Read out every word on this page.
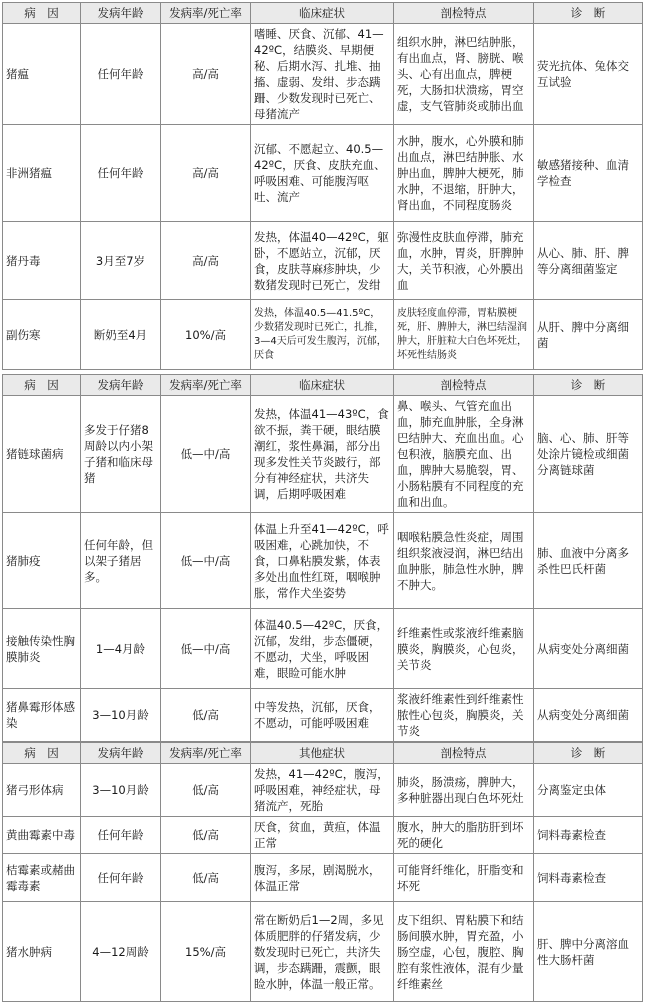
病　因	发病年龄	发病率/死亡率	临床症状	剖检特点	诊　断
猪瘟	任何年龄	高/高	嗜睡、厌食、沉郁、41—42ºC，结膜炎、早期便秘、后期水泻、扎堆、抽搐、虚弱、发绀、步态蹒跚、少数发现时已死亡、母猪流产	组织水肿，淋巴结肿胀，有出血点，肾、膀胱、喉头、心有出血点，脾梗死，大肠扣状溃疡，胃空虚，支气管肺炎或肺出血	荧光抗体、兔体交互试验
非洲猪瘟	任何年龄	高/高	沉郁、不愿起立、40.5—42ºC，厌食、皮肤充血、呼吸困难、可能腹泻呕吐、流产	水肿，腹水，心外膜和肺出血点，淋巴结肿胀、水肿出血，脾肿大梗死，肺水肿，不退缩，肝肿大，肾出血，不同程度肠炎	敏感猪接种、血清学检查
猪丹毒	3月至7岁	高/高	发热，体温40—42ºC，躯卧，不愿站立，沉郁，厌食，皮肤荨麻疹肿块，少数猪发现时已死亡，发绀	弥漫性皮肤血停滞，肺充血，水肿，胃炎，肝脾肿大，关节积液，心外膜出血	从心、肺、肝、脾等分离细菌鉴定
副伤寒	断奶至4月	10%/高	发热，体温40.5—41.5ºC，少数猪发现时已死亡，扎推，3—4天后可发生腹泻，沉郁，厌食	皮肤轻度血停滞，胃粘膜梗死，肝、脾肿大，淋巴结湿润肿大，肝脏粒大白色坏死灶，坏死性结肠炎	从肝、脾中分离细菌
病　因	发病年龄	发病率/死亡率	临床症状	剖检特点	诊　断
猪链球菌病	多发于仔猪8周龄以内小架子猪和临床母猪	低—中/高	发热，体温41—43ºC，食欲不振，粪干硬，眼结膜潮红，浆性鼻漏，部分出现多发性关节炎跛行，部分有神经症状，共济失调，后期呼吸困难	鼻、喉头、气管充血出血，肺充血肿胀，全身淋巴结肿大、充血出血。心包积液，脑膜充血、出血，脾肿大易脆裂，胃、小肠粘膜有不同程度的充血和出血。	脑、心、肺、肝等处涂片镜检或细菌分离链球菌
猪肺疫	任何年龄，但以架子猪居多。	低—中/高	体温上升至41—42ºC，呼吸困难，心跳加快，不食，口鼻粘膜发紫，体表多处出血性红斑，咽喉肿胀，常作犬坐姿势	咽喉粘膜急性炎症，周围组织浆液浸润，淋巴结出血肿胀，肺急性水肿，脾不肿大。	肺、血液中分离多杀性巴氏杆菌
接触传染性胸膜肺炎	1—4月龄	低—中/高	体温40.5—42ºC，厌食，沉郁，发绀，步态僵硬，不愿动，犬坐，呼吸困难，眼睑可能水肿	纤维素性或浆液纤维素脑膜炎，胸膜炎，心包炎，关节炎	从病变处分离细菌
猪鼻霉形体感染	3—10月龄	低/高	中等发热，沉郁，厌食，不愿动，可能呼吸困难	浆液纤维素性到纤维素性脓性心包炎，胸膜炎，关节炎	从病变处分离细菌
病　因	发病年龄	发病率/死亡率	其他症状	剖检特点	诊　断
猪弓形体病	3—10月龄	低/高	发热，41—42ºC，腹泻，呼吸困难，神经症状，母猪流产，死胎	肺炎，肠溃疡，脾肿大，多种脏器出现白色坏死灶	分离鉴定虫体
黄曲霉素中毒	任何年龄	低/高	厌食，贫血，黄疸，体温正常	腹水，肿大的脂肪肝到坏死的硬化	饲料毒素检查
桔霉素或赭曲霉毒素	任何年龄	低/高	腹泻，多尿，剧渴脱水，体温正常	可能肾纤维化，肝脂变和坏死	饲料毒素检查
猪水肿病	4—12周龄	15%/高	常在断奶后1—2周，多见体质肥胖的仔猪发病，少数发现时已死亡，共济失调，步态蹒跚，震颤，眼睑水肿，体温一般正常。	皮下组织、胃粘膜下和结肠间膜水肿，胃充盈，小肠空虚，心包，腹腔、胸腔有浆性液体，混有少量纤维素丝	肝、脾中分离溶血性大肠杆菌
